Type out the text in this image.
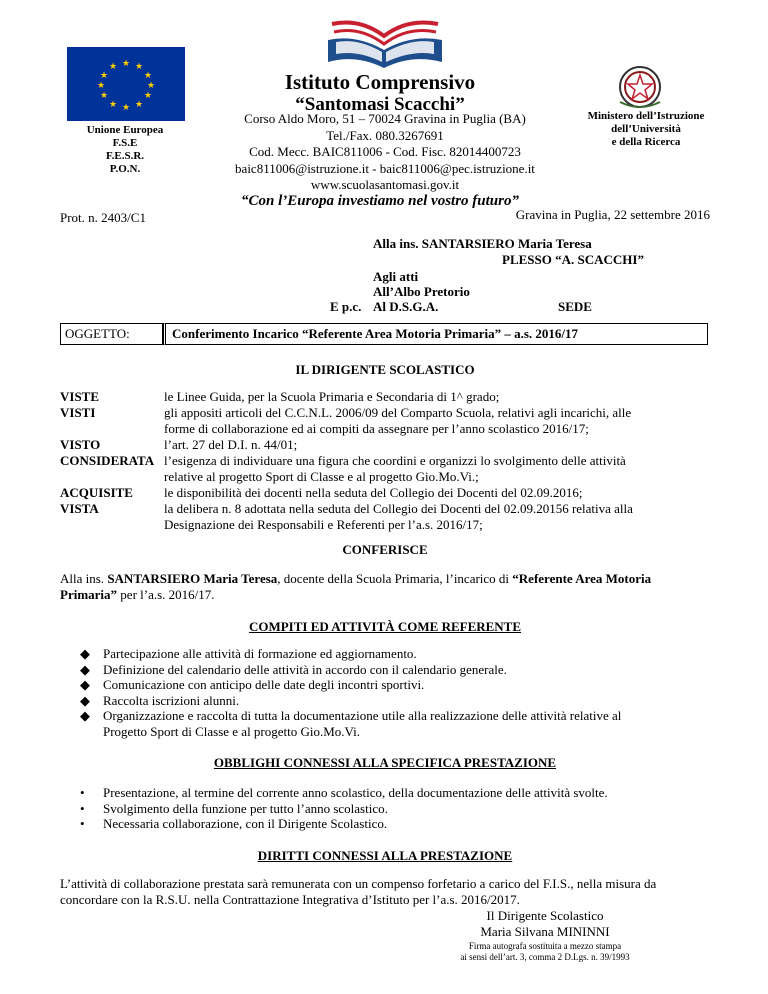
★ ★
★
★
★
★
★
★
★
★
★
★
Unione Europea
F.S.E
F.E.S.R.
P.O.N.
Ministero dell’Istruzione
dell’Università
e della Ricerca
Istituto Comprensivo
“Santomasi Scacchi”
Corso Aldo Moro, 51 – 70024 Gravina in Puglia (BA)
Tel./Fax. 080.3267691
Cod. Mecc. BAIC811006 - Cod. Fisc. 82014400723
baic811006@istruzione.it - baic811006@pec.istruzione.it
www.scuolasantomasi.gov.it
“Con l’Europa investiamo nel vostro futuro”
Prot. n. 2403/C1	Gravina in Puglia, 22 settembre 2016
Alla ins. SANTARSIERO Maria Teresa
PLESSO “A. SCACCHI”
Agli atti
All’Albo Pretorio
E p.c. Al D.S.G.A.	SEDE
OGGETTO:	Conferimento Incarico “Referente Area Motoria Primaria” – a.s. 2016/17
IL DIRIGENTE SCOLASTICO
VISTE	le Linee Guida, per la Scuola Primaria e Secondaria di 1^ grado;
VISTI	gli appositi articoli del C.C.N.L. 2006/09 del Comparto Scuola, relativi agli incarichi, alle
forme di collaborazione ed ai compiti da assegnare per l’anno scolastico 2016/17;
VISTO	l’art. 27 del D.I. n. 44/01;
CONSIDERATA l’esigenza di individuare una figura che coordini e organizzi lo svolgimento delle attività
relative al progetto Sport di Classe e al progetto Gio.Mo.Vi.;
ACQUISITE	le disponibilità dei docenti nella seduta del Collegio dei Docenti del 02.09.2016;
VISTA	la delibera n. 8 adottata nella seduta del Collegio dei Docenti del 02.09.20156 relativa alla
Designazione dei Responsabili e Referenti per l’a.s. 2016/17;
CONFERISCE
Alla ins. SANTARSIERO Maria Teresa, docente della Scuola Primaria, l’incarico di “Referente Area Motoria
Primaria” per l’a.s. 2016/17.
COMPITI ED ATTIVITÀ COME REFERENTE
◆ Partecipazione alle attività di formazione ed aggiornamento.
◆ Definizione del calendario delle attività in accordo con il calendario generale.
◆ Comunicazione con anticipo delle date degli incontri sportivi.
◆ Raccolta iscrizioni alunni.
◆ Organizzazione e raccolta di tutta la documentazione utile alla realizzazione delle attività relative al
Progetto Sport di Classe e al progetto Gio.Mo.Vi.
OBBLIGHI CONNESSI ALLA SPECIFICA PRESTAZIONE
• Presentazione, al termine del corrente anno scolastico, della documentazione delle attività svolte.
• Svolgimento della funzione per tutto l’anno scolastico.
• Necessaria collaborazione, con il Dirigente Scolastico.
DIRITTI CONNESSI ALLA PRESTAZIONE
L’attività di collaborazione prestata sarà remunerata con un compenso forfetario a carico del F.I.S., nella misura da
concordare con la R.S.U. nella Contrattazione Integrativa d’Istituto per l’a.s. 2016/2017.
Il Dirigente Scolastico
Maria Silvana MININNI
Firma autografa sostituita a mezzo stampa
ai sensi dell’art. 3, comma 2 D.Lgs. n. 39/1993
